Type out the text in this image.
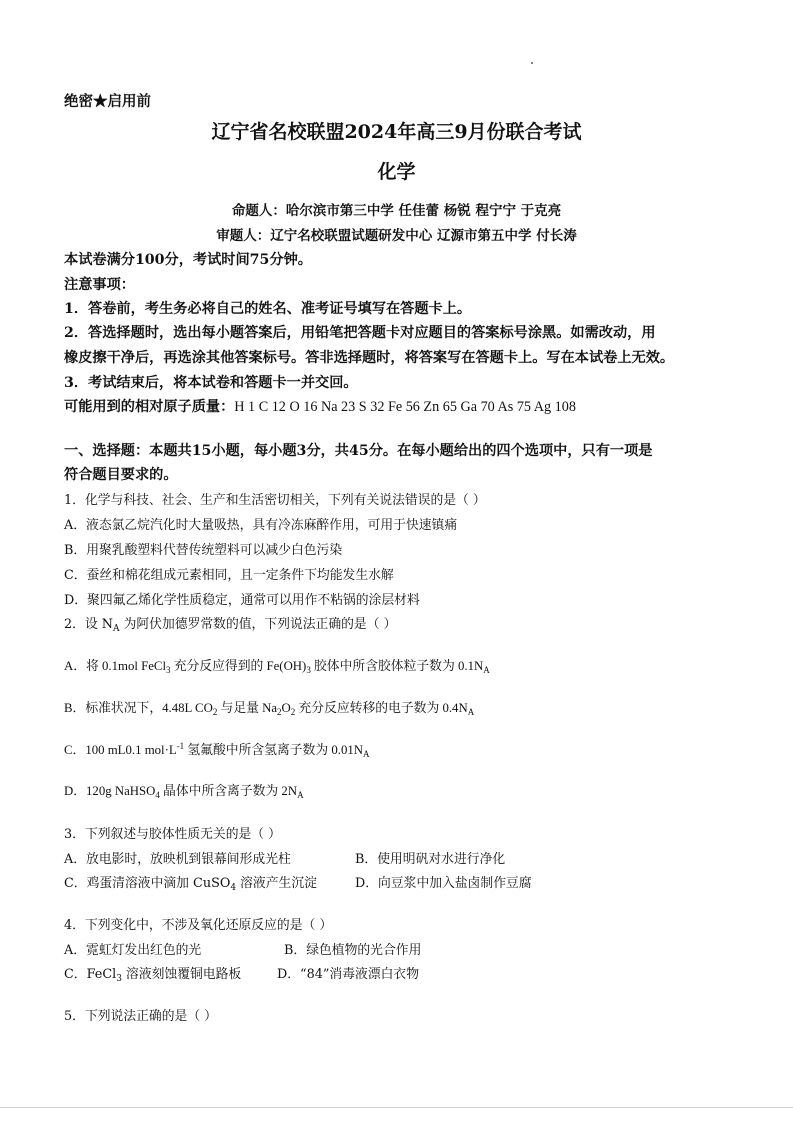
绝密★启用前
辽宁省名校联盟2024年高三9月份联合考试
化学
命题人：哈尔滨市第三中学 任佳蕾 杨锐 程宁宁 于克亮
审题人：辽宁名校联盟试题研发中心 辽源市第五中学 付长涛
本试卷满分100分，考试时间75分钟。
注意事项：
1．答卷前，考生务必将自己的姓名、准考证号填写在答题卡上。
2．答选择题时，选出每小题答案后，用铅笔把答题卡对应题目的答案标号涂黑。如需改动，用
橡皮擦干净后，再选涂其他答案标号。答非选择题时，将答案写在答题卡上。写在本试卷上无效。
3．考试结束后，将本试卷和答题卡一并交回。
可能用到的相对原子质量：H 1 C 12 O 16 Na 23 S 32 Fe 56 Zn 65 Ga 70 As 75 Ag 108
一、选择题：本题共15小题，每小题3分，共45分。在每小题给出的四个选项中，只有一项是
符合题目要求的。
1．化学与科技、社会、生产和生活密切相关，下列有关说法错误的是（ ）
A．液态氯乙烷汽化时大量吸热，具有冷冻麻醉作用，可用于快速镇痛
B．用聚乳酸塑料代替传统塑料可以减少白色污染
C．蚕丝和棉花组成元素相同，且一定条件下均能发生水解
D．聚四氟乙烯化学性质稳定，通常可以用作不粘锅的涂层材料
2．设 $N_A$ 为阿伏加德罗常数的值，下列说法正确的是（ ）
A．将 0.1mol FeCl$_3$ 充分反应得到的 $Fe(OH)_3$ 胶体中所含胶体粒子数为 $0.1N_A$
B．标准状况下，4.48L $CO_2$ 与足量 $Na_2O_2$ 充分反应转移的电子数为 $0.4N_A$
C．100 mL0.1 $mol\cdot L^{-1}$ 氢氟酸中所含氢离子数为 $0.01N_A$
D．120g NaHSO$_4$ 晶体中所含离子数为 $2N_A$
3．下列叙述与胶体性质无关的是（ ）
A．放电影时，放映机到银幕间形成光柱	B．使用明矾对水进行净化
C．鸡蛋清溶液中滴加 CuSO$_4$ 溶液产生沉淀	D．向豆浆中加入盐卤制作豆腐
4．下列变化中，不涉及氧化还原反应的是（ ）
A．霓虹灯发出红色的光	B．绿色植物的光合作用
C．FeCl$_3$ 溶液刻蚀覆铜电路板	D．“84”消毒液漂白衣物
5．下列说法正确的是（ ）
